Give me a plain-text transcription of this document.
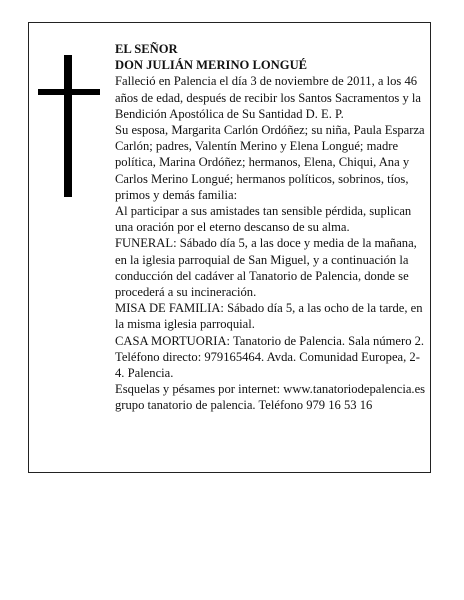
EL SEÑOR

DON JULIÁN MERINO LONGUÉ

Falleció en Palencia el día 3 de noviembre de 2011, a los 46 años de edad, después de recibir los Santos Sacramentos y la Bendición Apostólica de Su Santidad D. E. P.

Su esposa, Margarita Carlón Ordóñez; su niña, Paula Esparza Carlón; padres, Valentín Merino y Elena Longué; madre política, Marina Ordóñez; hermanos, Elena, Chiqui, Ana y Carlos Merino Longué; hermanos políticos, sobrinos, tíos, primos y demás familia:

Al participar a sus amistades tan sensible pérdida, suplican una oración por el eterno descanso de su alma.

FUNERAL: Sábado día 5, a las doce y media de la mañana, en la iglesia parroquial de San Miguel, y a continuación la conducción del cadáver al Tanatorio de Palencia, donde se procederá a su incineración.

MISA DE FAMILIA: Sábado día 5, a las ocho de la tarde, en la misma iglesia parroquial.

CASA MORTUORIA: Tanatorio de Palencia. Sala número 2. Teléfono directo: 979165464. Avda. Comunidad Europea, 2-4. Palencia.

Esquelas y pésames por internet: www.tanatoriodepalencia.es

grupo tanatorio de palencia. Teléfono 979 16 53 16
